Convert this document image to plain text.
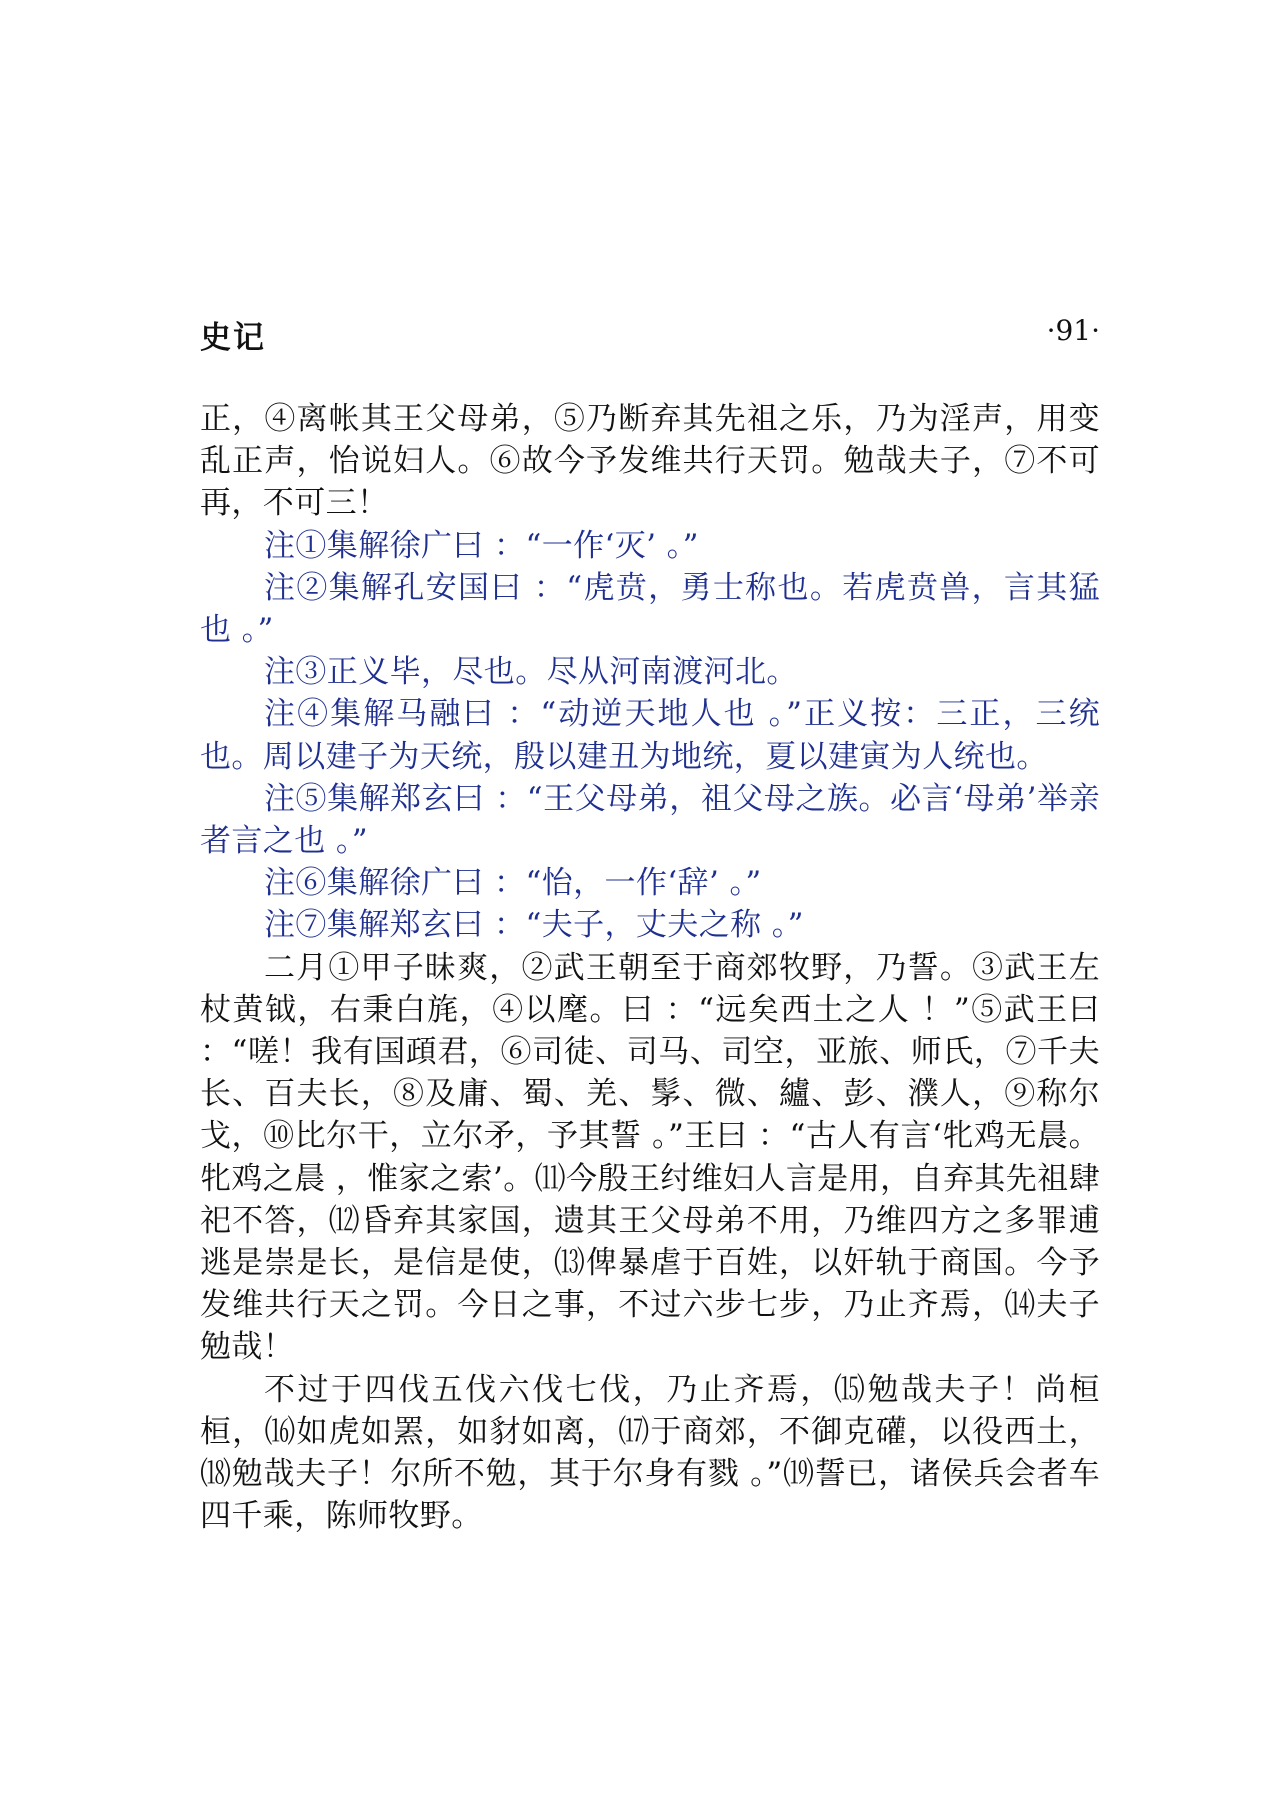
史记	·91·

正，④离帐其王父母弟，⑤乃断弃其先祖之乐，乃为淫声，用变乱正声，怡说妇人。⑥故今予发维共行天罚。勉哉夫子，⑦不可再，不可三！

注①集解徐广曰 ：“一作‘灭’ 。”

注②集解孔安国曰 ：“虎贲，勇士称也。若虎贲兽，言其猛也 。”

注③正义毕，尽也。尽从河南渡河北。

注④集解马融曰 ：“动逆天地人也 。”正义按：三正，三统也。周以建子为天统，殷以建丑为地统，夏以建寅为人统也。

注⑤集解郑玄曰 ：“王父母弟，祖父母之族。必言‘母弟’举亲者言之也 。”

注⑥集解徐广曰 ：“怡，一作‘辞’ 。”

注⑦集解郑玄曰 ：“夫子，丈夫之称 。”

二月①甲子昧爽，②武王朝至于商郊牧野，乃誓。③武王左杖黄钺，右秉白旄，④以麾。曰 ：“远矣西土之人 ！”⑤武王曰 ：“嗟！我有国頙君，⑥司徒、司马、司空，亚旅、师氏，⑦千夫长、百夫长，⑧及庸、蜀、羌、髳、微、纑、彭、濮人，⑨称尔戈，⑩比尔干，立尔矛，予其誓 。”王曰 ：“古人有言‘牝鸡无晨。牝鸡之晨 ，惟家之索’。⑾今殷王纣维妇人言是用，自弃其先祖肆祀不答，⑿昏弃其家国，遗其王父母弟不用，乃维四方之多罪逋逃是崇是长，是信是使，⒀俾暴虐于百姓，以奸轨于商国。今予发维共行天之罚。今日之事，不过六步七步，乃止齐焉，⒁夫子勉哉！

不过于四伐五伐六伐七伐，乃止齐焉，⒂勉哉夫子！尚桓桓，⒃如虎如罴，如豺如离，⒄于商郊，不御克礶，以役西土，⒅勉哉夫子！尔所不勉，其于尔身有戮 。”⒆誓已，诸侯兵会者车四千乘，陈师牧野。
